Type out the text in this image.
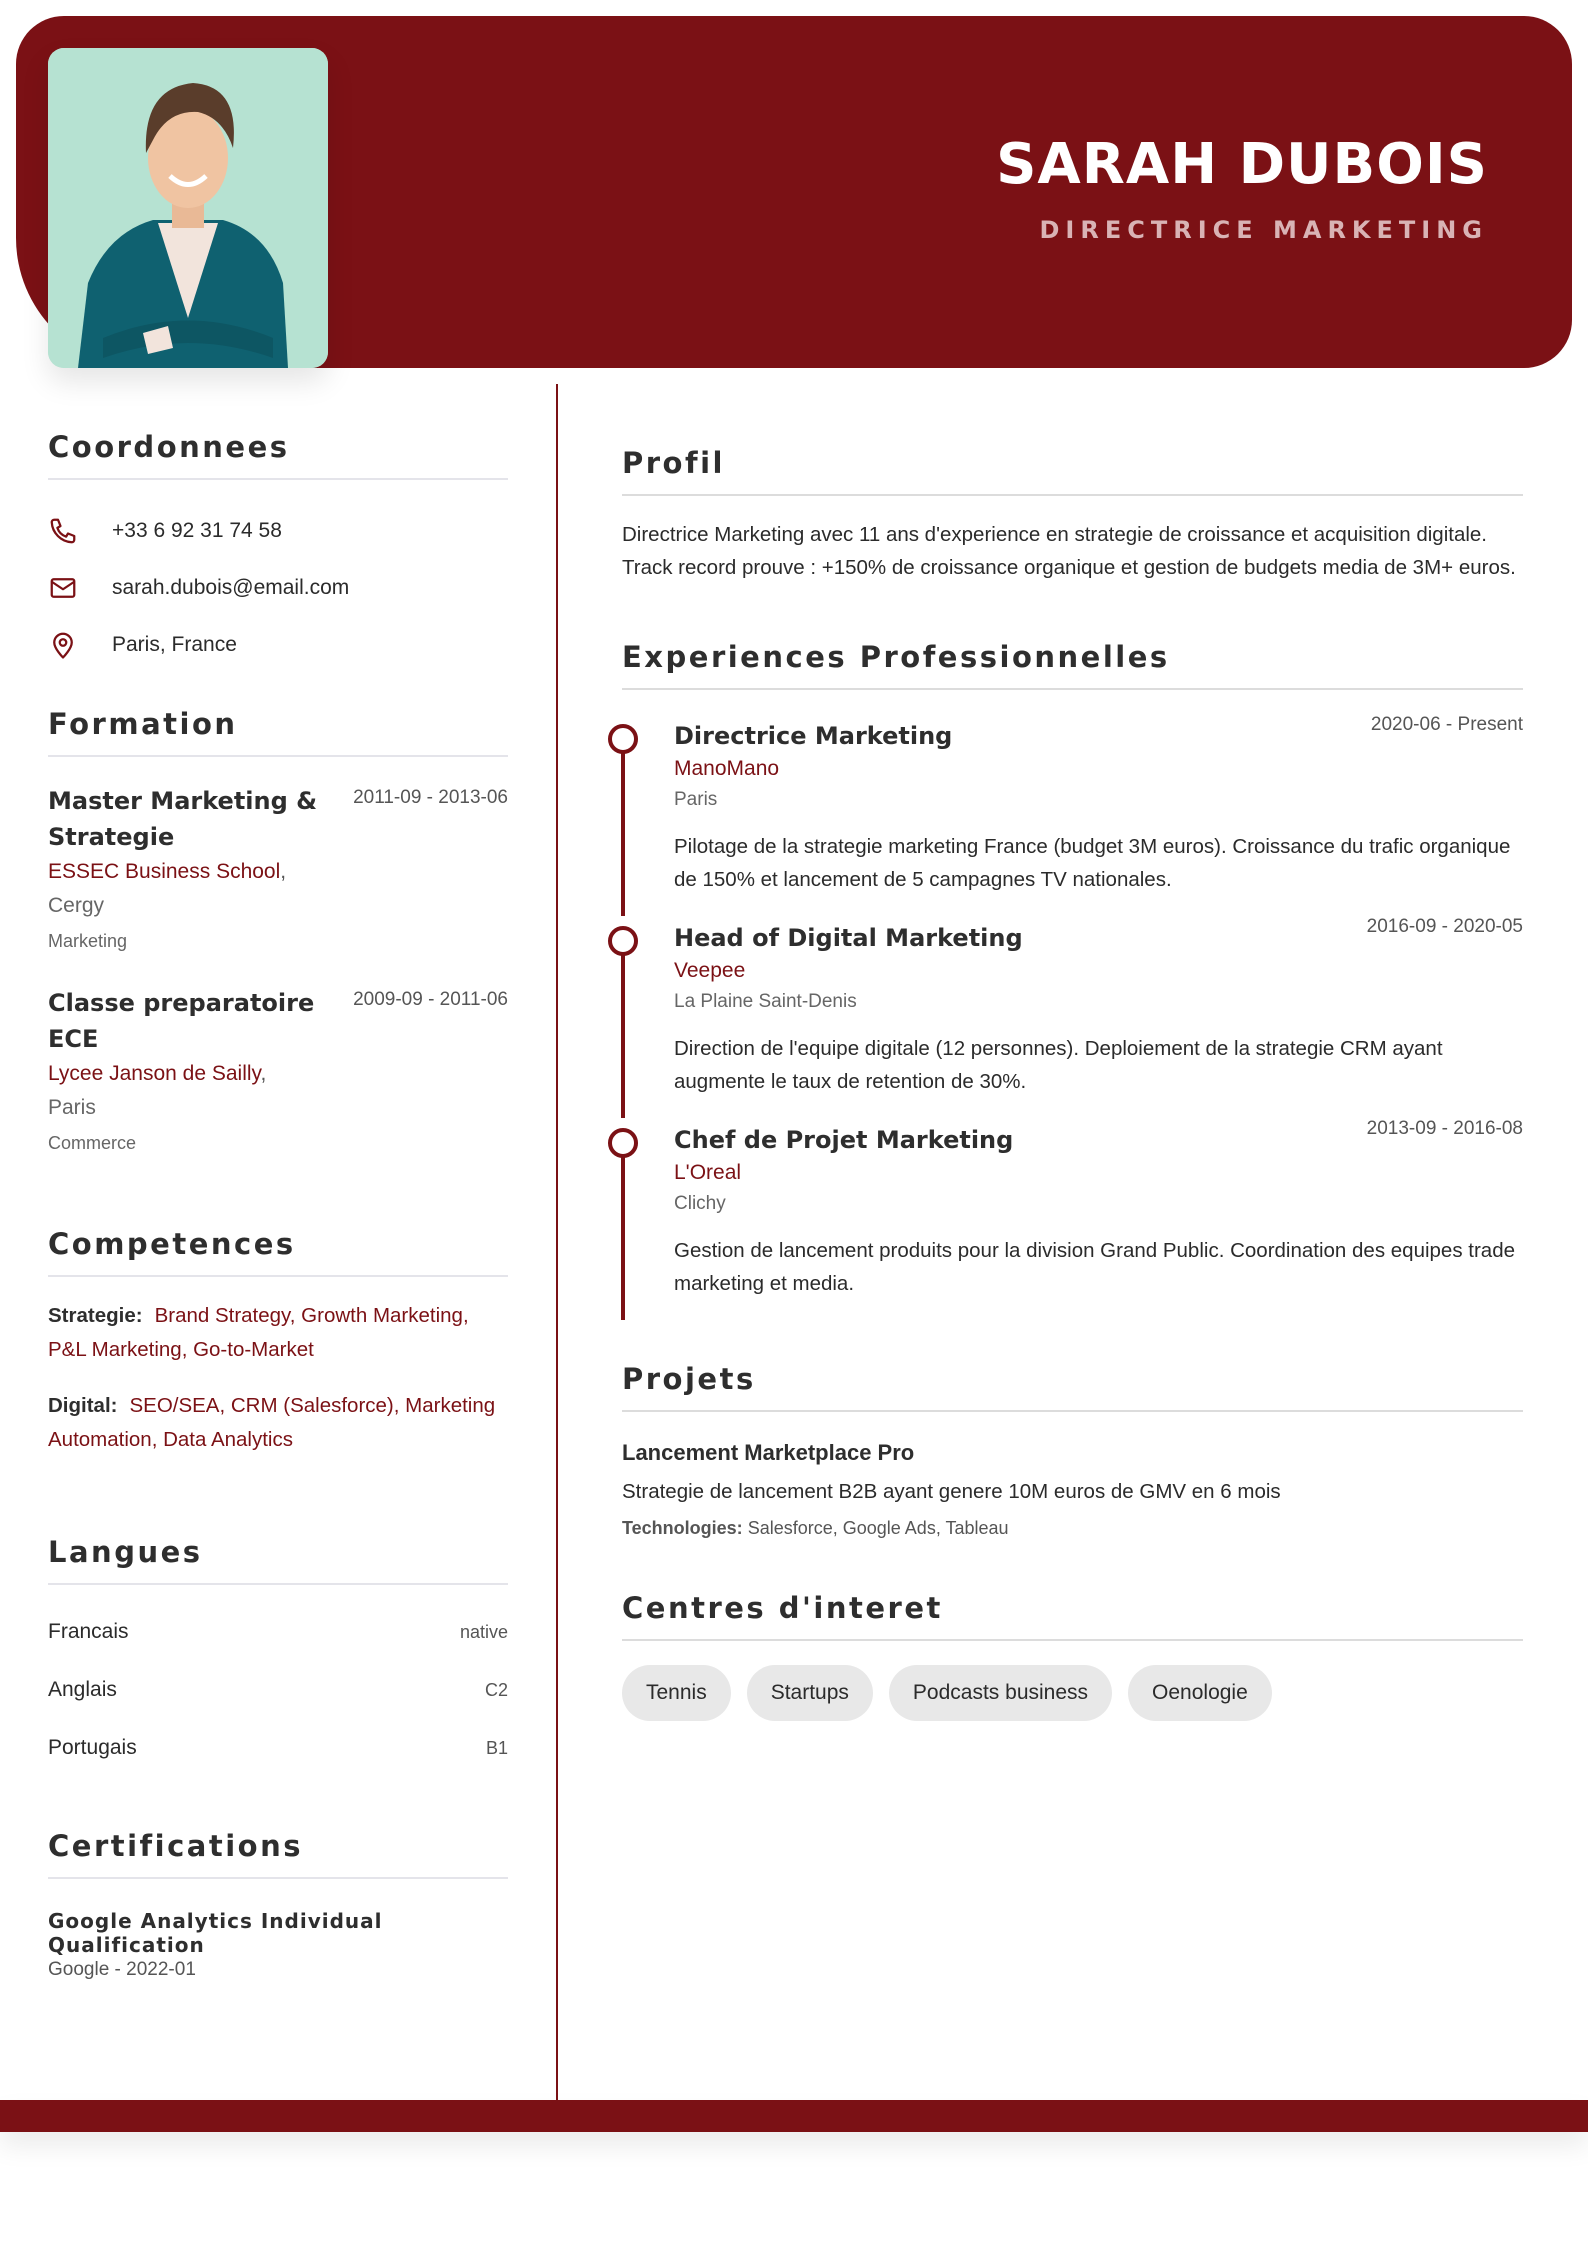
SARAH DUBOIS
DIRECTRICE MARKETING
Coordonnees
+33 6 92 31 74 58
sarah.dubois@email.com
Paris, France
Formation
2011-09 - 2013-06
Master Marketing & Strategie
ESSEC Business School,
Cergy
Marketing
2009-09 - 2011-06
Classe preparatoire ECE
Lycee Janson de Sailly,
Paris
Commerce
Competences
Strategie: Brand Strategy, Growth Marketing, P&L Marketing, Go-to-Market
Digital: SEO/SEA, CRM (Salesforce), Marketing Automation, Data Analytics
Langues
Francais	native
Anglais	C2
Portugais	B1
Certifications
Google Analytics Individual Qualification
Google - 2022-01
Profil

Directrice Marketing avec 11 ans d'experience en strategie de croissance et acquisition digitale. Track record prouve : +150% de croissance organique et gestion de budgets media de 3M+ euros.

Experiences Professionnelles
2020-06 - Present
Directrice Marketing
ManoMano
Paris

Pilotage de la strategie marketing France (budget 3M euros). Croissance du trafic organique de 150% et lancement de 5 campagnes TV nationales.

2016-09 - 2020-05
Head of Digital Marketing
Veepee
La Plaine Saint-Denis

Direction de l'equipe digitale (12 personnes). Deploiement de la strategie CRM ayant augmente le taux de retention de 30%.

2013-09 - 2016-08
Chef de Projet Marketing
L'Oreal
Clichy

Gestion de lancement produits pour la division Grand Public. Coordination des equipes trade marketing et media.

Projets
Lancement Marketplace Pro
Strategie de lancement B2B ayant genere 10M euros de GMV en 6 mois
Technologies: Salesforce, Google Ads, Tableau
Centres d'interet
Tennis	Startups	Podcasts business	Oenologie
